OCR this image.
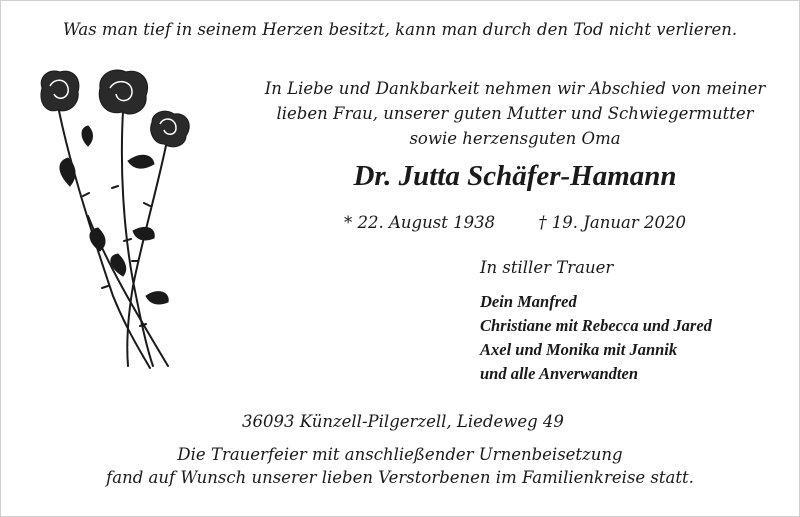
Was man tief in seinem Herzen besitzt, kann man durch den Tod nicht verlieren.
In Liebe und Dankbarkeit nehmen wir Abschied von meiner
lieben Frau, unserer guten Mutter und Schwiegermutter
sowie herzensguten Oma
Dr. Jutta Schäfer-Hamann
* 22. August 1938	† 19. Januar 2020
In stiller Trauer
Dein Manfred
Christiane mit Rebecca und Jared
Axel und Monika mit Jannik
und alle Anverwandten
36093 Künzell-Pilgerzell, Liedeweg 49
Die Trauerfeier mit anschließender Urnenbeisetzung
fand auf Wunsch unserer lieben Verstorbenen im Familienkreise statt.
